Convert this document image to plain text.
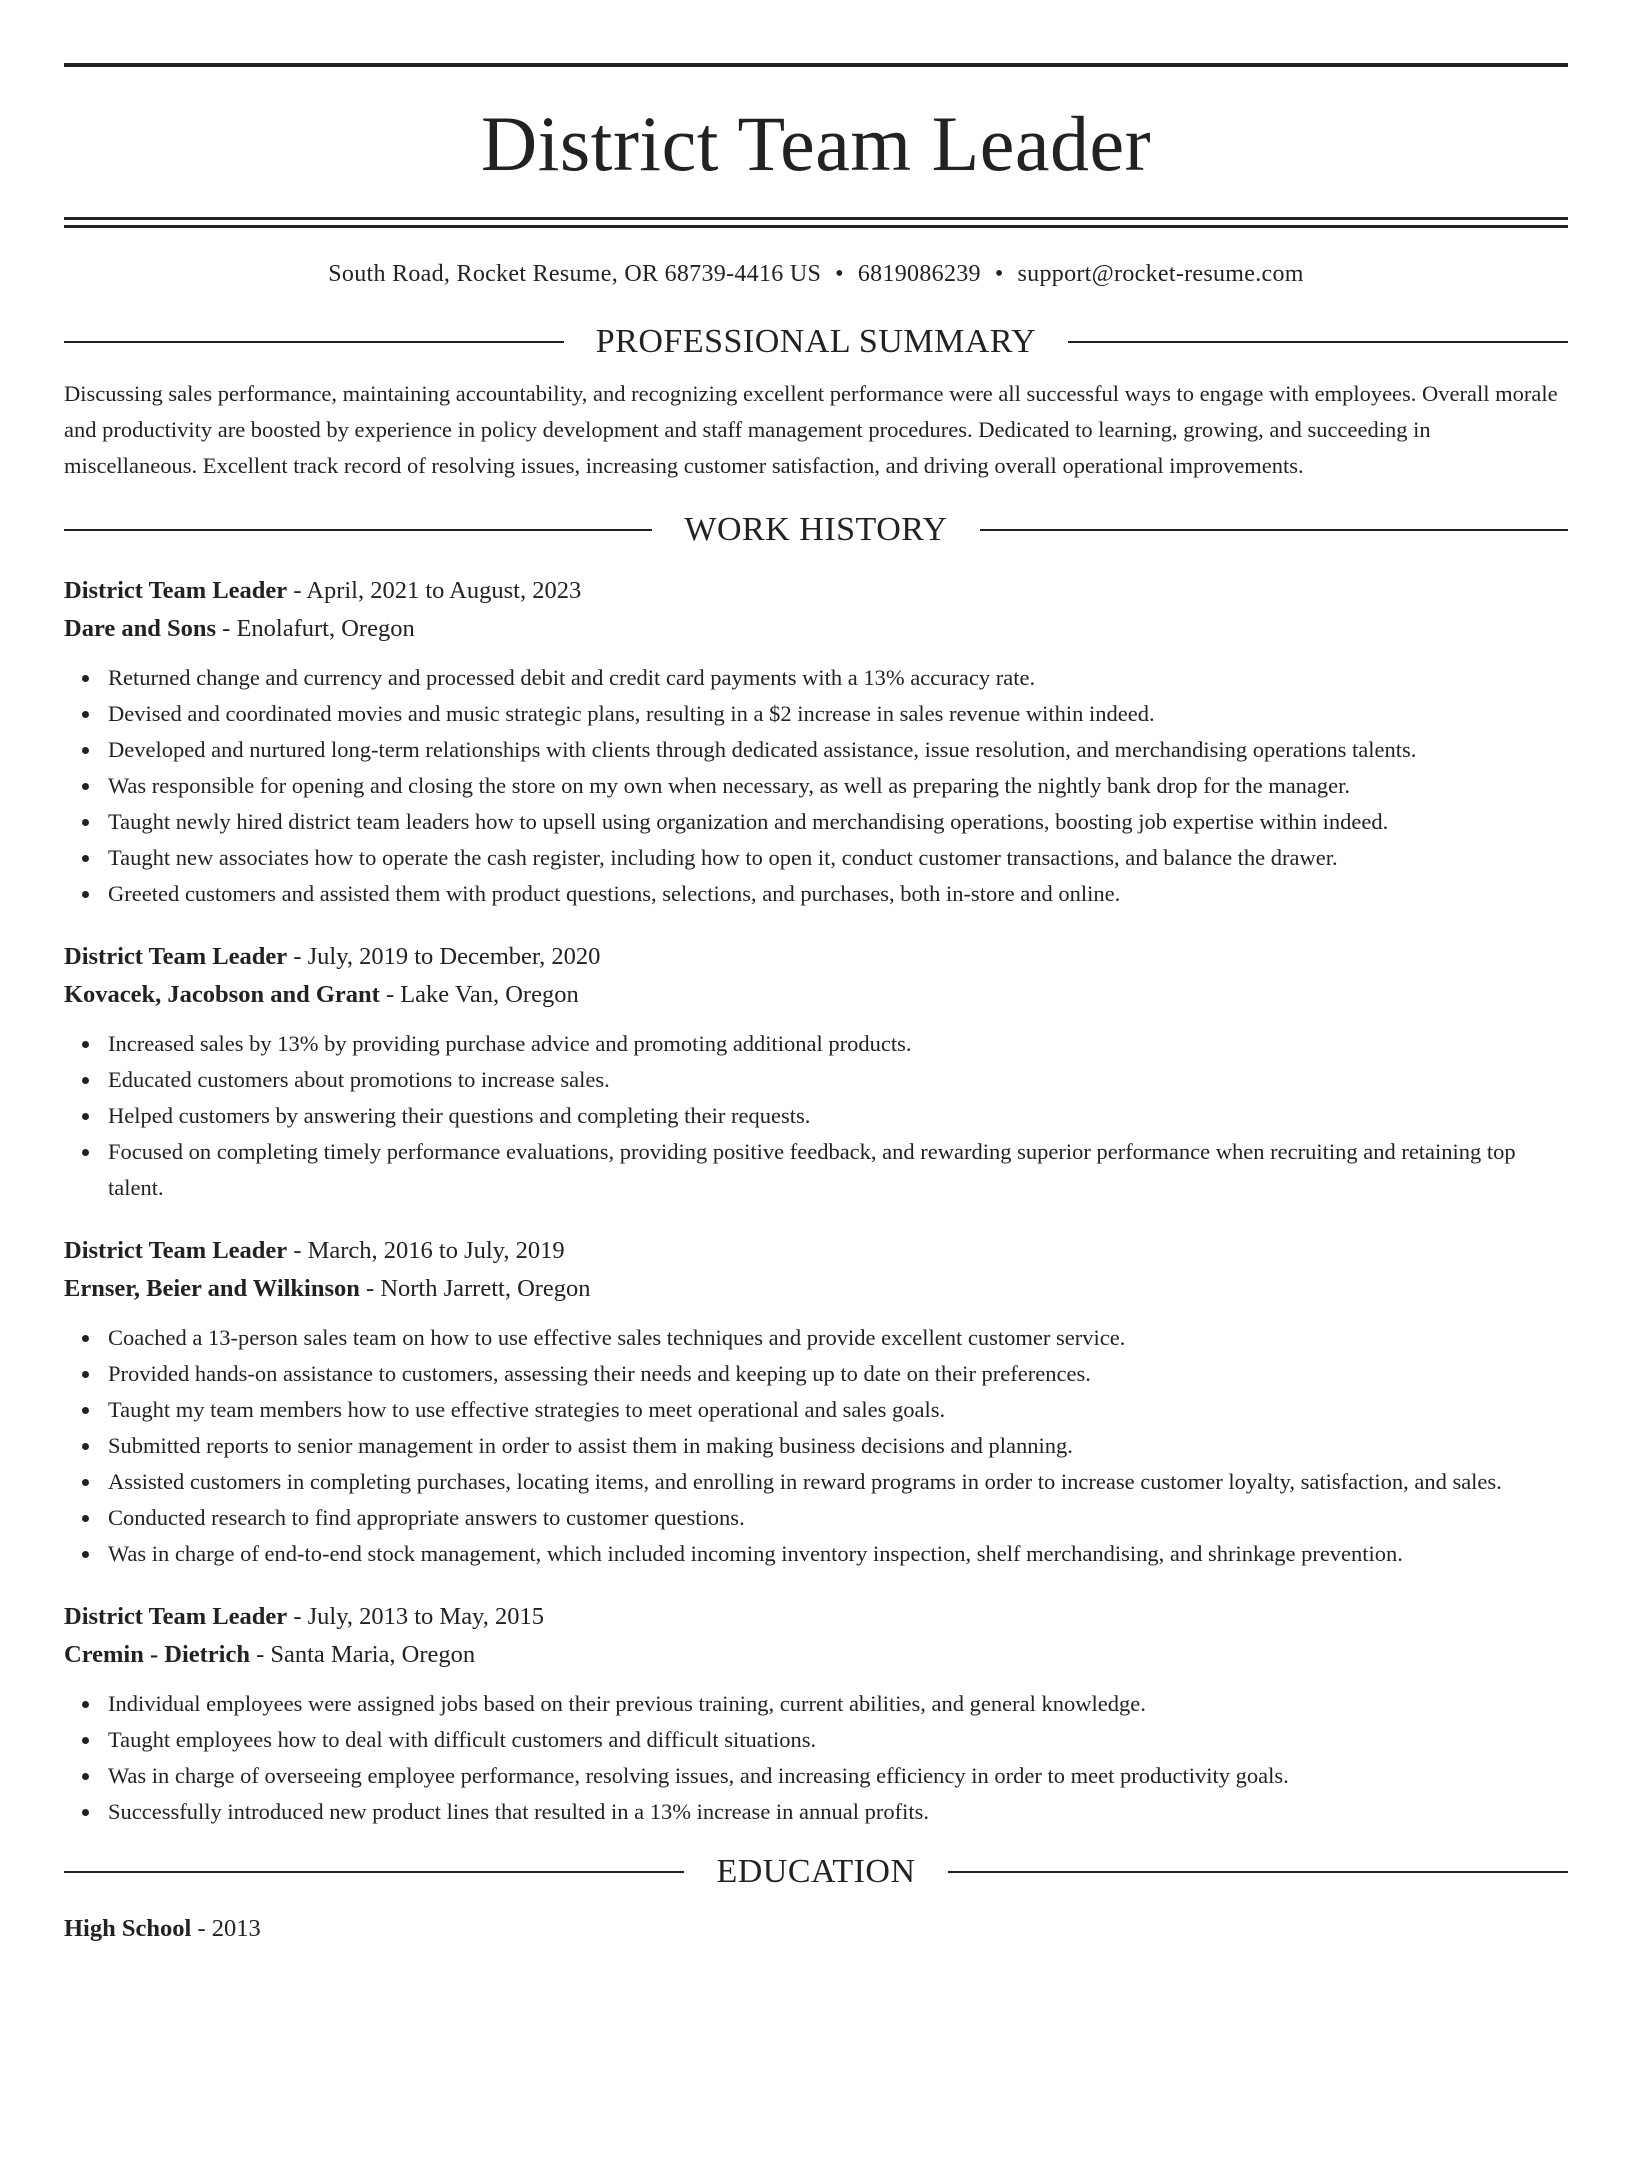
District Team Leader
South Road, Rocket Resume, OR 68739-4416 US • 6819086239 • support@rocket-resume.com
PROFESSIONAL SUMMARY
Discussing sales performance, maintaining accountability, and recognizing excellent performance were all successful ways to engage with employees. Overall morale and productivity are boosted by experience in policy development and staff management procedures. Dedicated to learning, growing, and succeeding in miscellaneous. Excellent track record of resolving issues, increasing customer satisfaction, and driving overall operational improvements.
WORK HISTORY
District Team Leader - April, 2021 to August, 2023
Dare and Sons - Enolafurt, Oregon
Returned change and currency and processed debit and credit card payments with a 13% accuracy rate.
Devised and coordinated movies and music strategic plans, resulting in a $2 increase in sales revenue within indeed.
Developed and nurtured long-term relationships with clients through dedicated assistance, issue resolution, and merchandising operations talents.
Was responsible for opening and closing the store on my own when necessary, as well as preparing the nightly bank drop for the manager.
Taught newly hired district team leaders how to upsell using organization and merchandising operations, boosting job expertise within indeed.
Taught new associates how to operate the cash register, including how to open it, conduct customer transactions, and balance the drawer.
Greeted customers and assisted them with product questions, selections, and purchases, both in-store and online.
District Team Leader - July, 2019 to December, 2020
Kovacek, Jacobson and Grant - Lake Van, Oregon
Increased sales by 13% by providing purchase advice and promoting additional products.
Educated customers about promotions to increase sales.
Helped customers by answering their questions and completing their requests.
Focused on completing timely performance evaluations, providing positive feedback, and rewarding superior performance when recruiting and retaining top talent.
District Team Leader - March, 2016 to July, 2019
Ernser, Beier and Wilkinson - North Jarrett, Oregon
Coached a 13-person sales team on how to use effective sales techniques and provide excellent customer service.
Provided hands-on assistance to customers, assessing their needs and keeping up to date on their preferences.
Taught my team members how to use effective strategies to meet operational and sales goals.
Submitted reports to senior management in order to assist them in making business decisions and planning.
Assisted customers in completing purchases, locating items, and enrolling in reward programs in order to increase customer loyalty, satisfaction, and sales.
Conducted research to find appropriate answers to customer questions.
Was in charge of end-to-end stock management, which included incoming inventory inspection, shelf merchandising, and shrinkage prevention.
District Team Leader - July, 2013 to May, 2015
Cremin - Dietrich - Santa Maria, Oregon
Individual employees were assigned jobs based on their previous training, current abilities, and general knowledge.
Taught employees how to deal with difficult customers and difficult situations.
Was in charge of overseeing employee performance, resolving issues, and increasing efficiency in order to meet productivity goals.
Successfully introduced new product lines that resulted in a 13% increase in annual profits.
EDUCATION
High School - 2013
